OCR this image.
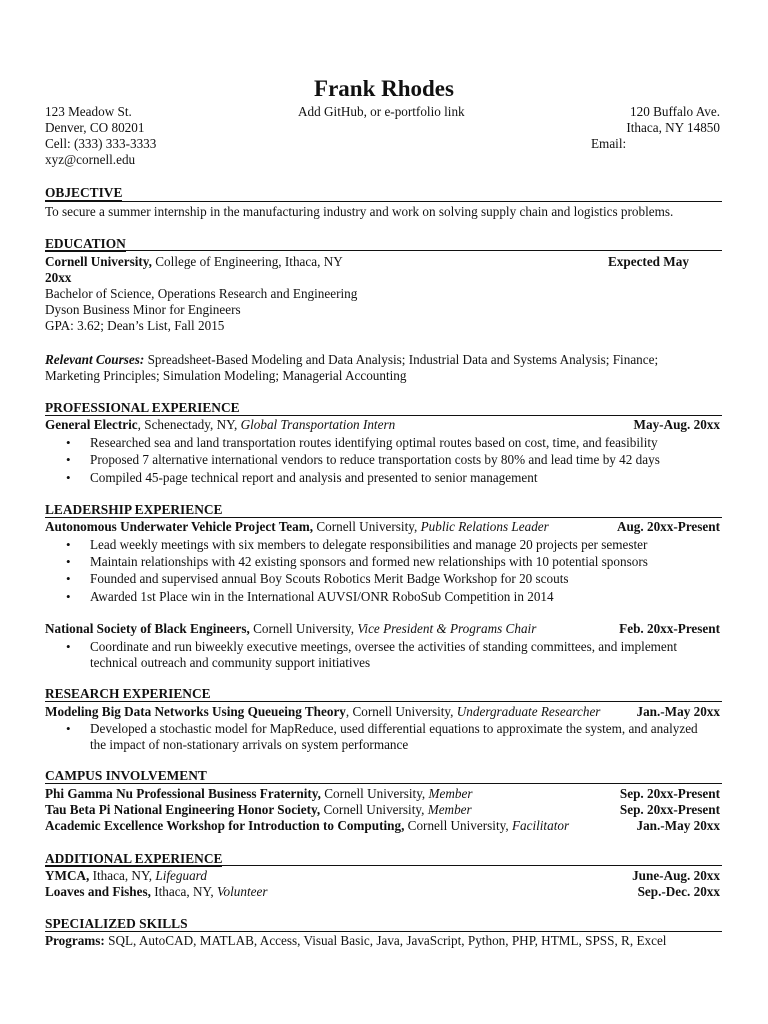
Frank Rhodes
123 Meadow St.
Denver, CO 80201
Cell: (333) 333-3333
xyz@cornell.edu
Add GitHub, or e-portfolio link	120 Buffalo Ave.
Ithaca, NY 14850
Email:
OBJECTIVE
To secure a summer internship in the manufacturing industry and work on solving supply chain and logistics problems.
EDUCATION
Cornell University, College of Engineering, Ithaca, NY	Expected May
20xx
Bachelor of Science, Operations Research and Engineering
Dyson Business Minor for Engineers
GPA: 3.62; Dean’s List, Fall 2015
Relevant Courses: Spreadsheet-Based Modeling and Data Analysis; Industrial Data and Systems Analysis; Finance;
Marketing Principles; Simulation Modeling; Managerial Accounting
PROFESSIONAL EXPERIENCE
General Electric, Schenectady, NY, Global Transportation Intern	May-Aug. 20xx
• Researched sea and land transportation routes identifying optimal routes based on cost, time, and feasibility
• Proposed 7 alternative international vendors to reduce transportation costs by 80% and lead time by 42 days
• Compiled 45-page technical report and analysis and presented to senior management
LEADERSHIP EXPERIENCE
Autonomous Underwater Vehicle Project Team, Cornell University, Public Relations Leader	Aug. 20xx-Present
• Lead weekly meetings with six members to delegate responsibilities and manage 20 projects per semester
• Maintain relationships with 42 existing sponsors and formed new relationships with 10 potential sponsors
• Founded and supervised annual Boy Scouts Robotics Merit Badge Workshop for 20 scouts
• Awarded 1st Place win in the International AUVSI/ONR RoboSub Competition in 2014
National Society of Black Engineers, Cornell University, Vice President & Programs Chair	Feb. 20xx-Present
• Coordinate and run biweekly executive meetings, oversee the activities of standing committees, and implement technical outreach and community support initiatives
RESEARCH EXPERIENCE
Modeling Big Data Networks Using Queueing Theory, Cornell University, Undergraduate Researcher	Jan.-May 20xx
• Developed a stochastic model for MapReduce, used differential equations to approximate the system, and analyzed the impact of non-stationary arrivals on system performance
CAMPUS INVOLVEMENT
Phi Gamma Nu Professional Business Fraternity, Cornell University, Member	Sep. 20xx-Present
Tau Beta Pi National Engineering Honor Society, Cornell University, Member	Sep. 20xx-Present
Academic Excellence Workshop for Introduction to Computing, Cornell University, Facilitator	Jan.-May 20xx
ADDITIONAL EXPERIENCE
YMCA, Ithaca, NY, Lifeguard	June-Aug. 20xx
Loaves and Fishes, Ithaca, NY, Volunteer	Sep.-Dec. 20xx
SPECIALIZED SKILLS
Programs: SQL, AutoCAD, MATLAB, Access, Visual Basic, Java, JavaScript, Python, PHP, HTML, SPSS, R, Excel
